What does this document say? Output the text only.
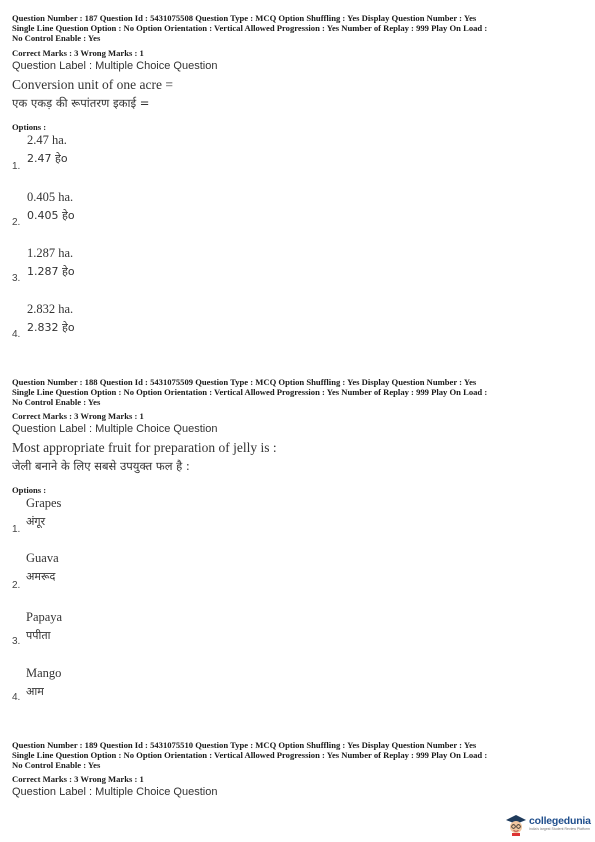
Question Number : 187 Question Id : 5431075508 Question Type : MCQ Option Shuffling : Yes Display Question Number : Yes
Single Line Question Option : No Option Orientation : Vertical Allowed Progression : Yes Number of Replay : 999 Play On Load :
No Control Enable : Yes
Correct Marks : 3 Wrong Marks : 1
Question Label : Multiple Choice Question
Conversion unit of one acre =
एक एकड़ की रूपांतरण इकाई =
Options :
2.47 ha.
2.47 हेo
1.
0.405 ha.
0.405 हेo
2.
1.287 ha.
1.287 हेo
3.
2.832 ha.
2.832 हेo
4.
Question Number : 188 Question Id : 5431075509 Question Type : MCQ Option Shuffling : Yes Display Question Number : Yes
Single Line Question Option : No Option Orientation : Vertical Allowed Progression : Yes Number of Replay : 999 Play On Load :
No Control Enable : Yes
Correct Marks : 3 Wrong Marks : 1
Question Label : Multiple Choice Question
Most appropriate fruit for preparation of jelly is :
जेली बनाने के लिए सबसे उपयुक्त फल है :
Options :
Grapes
अंगूर
1.
Guava
अमरूद
2.
Papaya
पपीता
3.
Mango
आम
4.
Question Number : 189 Question Id : 5431075510 Question Type : MCQ Option Shuffling : Yes Display Question Number : Yes
Single Line Question Option : No Option Orientation : Vertical Allowed Progression : Yes Number of Replay : 999 Play On Load :
No Control Enable : Yes
Correct Marks : 3 Wrong Marks : 1
Question Label : Multiple Choice Question
collegedunia
India's largest Student Review Platform
